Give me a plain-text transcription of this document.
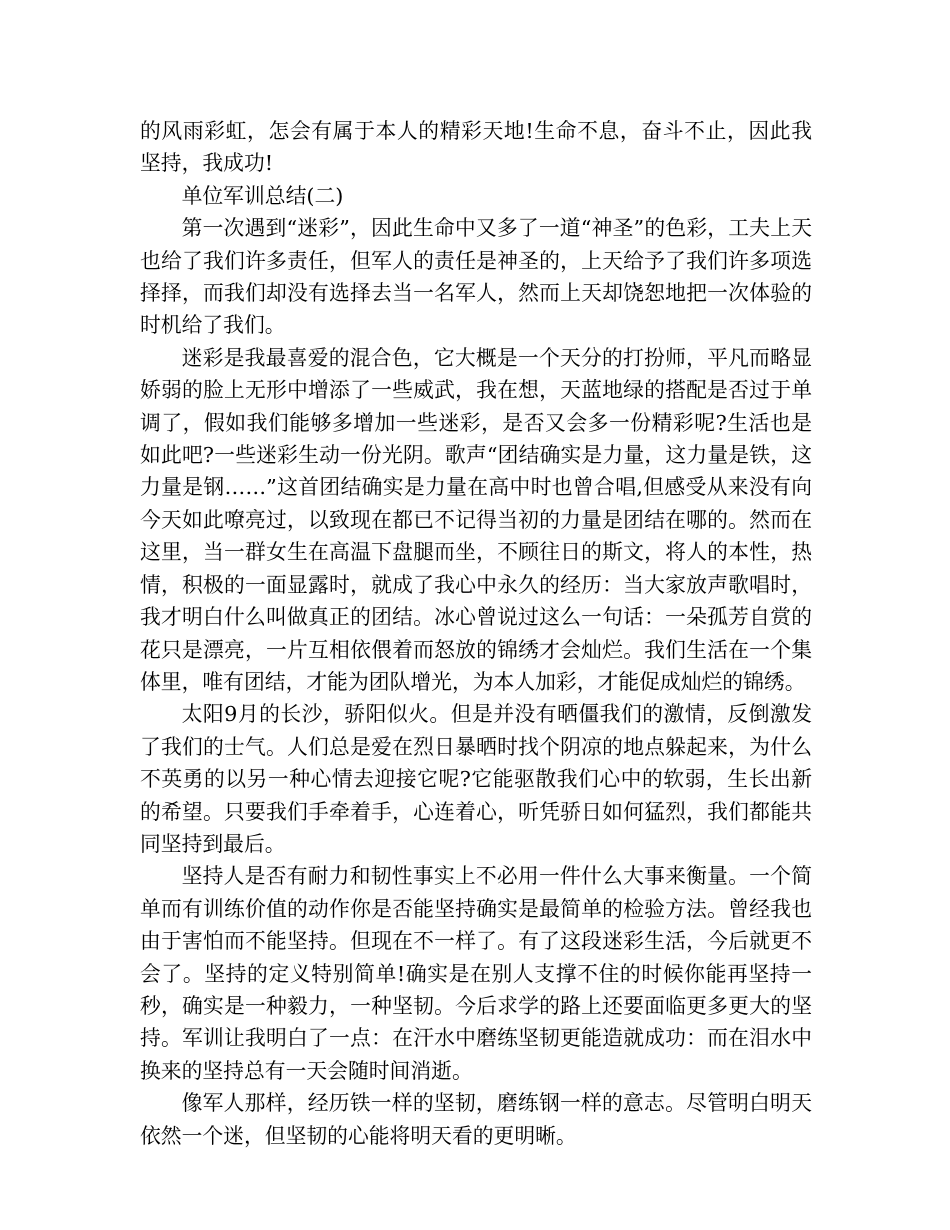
的风雨彩虹，怎会有属于本人的精彩天地!生命不息，奋斗不止，因此我坚持，我成功!

单位军训总结(二)

第一次遇到“迷彩”，因此生命中又多了一道“神圣”的色彩，工夫上天也给了我们许多责任，但军人的责任是神圣的，上天给予了我们许多项选择择，而我们却没有选择去当一名军人，然而上天却饶恕地把一次体验的时机给了我们。

迷彩是我最喜爱的混合色，它大概是一个天分的打扮师，平凡而略显娇弱的脸上无形中增添了一些威武，我在想，天蓝地绿的搭配是否过于单调了，假如我们能够多增加一些迷彩，是否又会多一份精彩呢?生活也是如此吧?一些迷彩生动一份光阴。歌声“团结确实是力量，这力量是铁，这力量是钢……”这首团结确实是力量在高中时也曾合唱,但感受从来没有向今天如此嘹亮过，以致现在都已不记得当初的力量是团结在哪的。然而在这里，当一群女生在高温下盘腿而坐，不顾往日的斯文，将人的本性，热情，积极的一面显露时，就成了我心中永久的经历：当大家放声歌唱时，我才明白什么叫做真正的团结。冰心曾说过这么一句话：一朵孤芳自赏的花只是漂亮，一片互相依偎着而怒放的锦绣才会灿烂。我们生活在一个集体里，唯有团结，才能为团队增光，为本人加彩，才能促成灿烂的锦绣。

太阳9月的长沙，骄阳似火。但是并没有晒僵我们的激情，反倒激发了我们的士气。人们总是爱在烈日暴晒时找个阴凉的地点躲起来，为什么不英勇的以另一种心情去迎接它呢?它能驱散我们心中的软弱，生长出新的希望。只要我们手牵着手，心连着心，听凭骄日如何猛烈，我们都能共同坚持到最后。

坚持人是否有耐力和韧性事实上不必用一件什么大事来衡量。一个简单而有训练价值的动作你是否能坚持确实是最简单的检验方法。曾经我也由于害怕而不能坚持。但现在不一样了。有了这段迷彩生活，今后就更不会了。坚持的定义特别简单!确实是在别人支撑不住的时候你能再坚持一秒，确实是一种毅力，一种坚韧。今后求学的路上还要面临更多更大的坚持。军训让我明白了一点：在汗水中磨练坚韧更能造就成功：而在泪水中换来的坚持总有一天会随时间消逝。

像军人那样，经历铁一样的坚韧，磨练钢一样的意志。尽管明白明天依然一个迷，但坚韧的心能将明天看的更明晰。
